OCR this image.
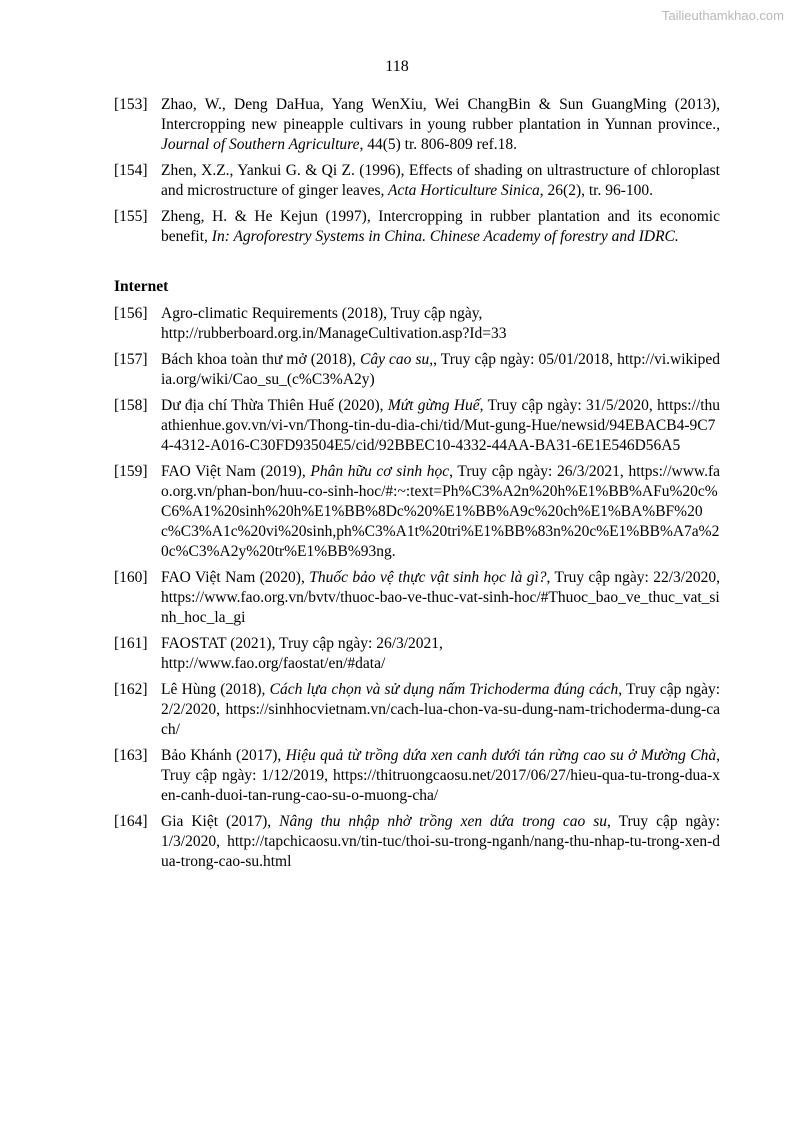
Tailieuthamkhao.com
118
[153] Zhao, W., Deng DaHua, Yang WenXiu, Wei ChangBin & Sun GuangMing (2013), Intercropping new pineapple cultivars in young rubber plantation in Yunnan province., Journal of Southern Agriculture, 44(5) tr. 806-809 ref.18.
[154] Zhen, X.Z., Yankui G. & Qi Z. (1996), Effects of shading on ultrastructure of chloroplast and microstructure of ginger leaves, Acta Horticulture Sinica, 26(2), tr. 96-100.
[155] Zheng, H. & He Kejun (1997), Intercropping in rubber plantation and its economic benefit, In: Agroforestry Systems in China. Chinese Academy of forestry and IDRC.
Internet
[156] Agro-climatic Requirements (2018), Truy cập ngày,
http://rubberboard.org.in/ManageCultivation.asp?Id=33
[157] Bách khoa toàn thư mở (2018), Cây cao su,, Truy cập ngày: 05/01/2018, http://vi.wikipedia.org/wiki/Cao_su_(c%C3%A2y)
[158] Dư địa chí Thừa Thiên Huế (2020), Mứt gừng Huế, Truy cập ngày: 31/5/2020, https://thuathienhue.gov.vn/vi-vn/Thong-tin-du-dia-chi/tid/Mut-gung-Hue/newsid/94EBACB4-9C74-4312-A016-C30FD93504E5/cid/92BBEC10-4332-44AA-BA31-6E1E546D56A5
[159] FAO Việt Nam (2019), Phân hữu cơ sinh học, Truy cập ngày: 26/3/2021, https://www.fao.org.vn/phan-bon/huu-co-sinh-hoc/#:~:text=Ph%C3%A2n%20h%E1%BB%AFu%20c%C6%A1%20sinh%20h%E1%BB%8Dc%20%E1%BB%A9c%20ch%E1%BA%BF%20c%C3%A1c%20vi%20sinh,ph%C3%A1t%20tri%E1%BB%83n%20c%E1%BB%A7a%20c%C3%A2y%20tr%E1%BB%93ng.
[160] FAO Việt Nam (2020), Thuốc bảo vệ thực vật sinh học là gì?, Truy cập ngày: 22/3/2020, https://www.fao.org.vn/bvtv/thuoc-bao-ve-thuc-vat-sinh-hoc/#Thuoc_bao_ve_thuc_vat_sinh_hoc_la_gi
[161] FAOSTAT (2021), Truy cập ngày: 26/3/2021,
http://www.fao.org/faostat/en/#data/
[162] Lê Hùng (2018), Cách lựa chọn và sử dụng nấm Trichoderma đúng cách, Truy cập ngày: 2/2/2020, https://sinhhocvietnam.vn/cach-lua-chon-va-su-dung-nam-trichoderma-dung-cach/
[163] Bảo Khánh (2017), Hiệu quả từ trồng dứa xen canh dưới tán rừng cao su ở Mường Chà, Truy cập ngày: 1/12/2019, https://thitruongcaosu.net/2017/06/27/hieu-qua-tu-trong-dua-xen-canh-duoi-tan-rung-cao-su-o-muong-cha/
[164] Gia Kiệt (2017), Nâng thu nhập nhờ trồng xen dứa trong cao su, Truy cập ngày: 1/3/2020, http://tapchicaosu.vn/tin-tuc/thoi-su-trong-nganh/nang-thu-nhap-tu-trong-xen-dua-trong-cao-su.html
